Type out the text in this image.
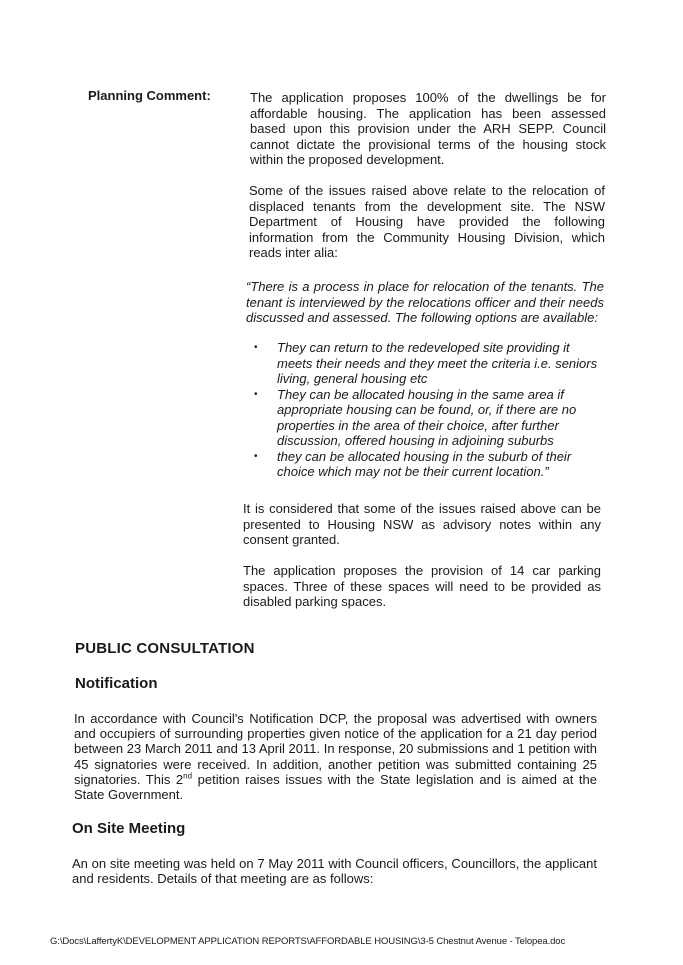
· ·
Planning Comment:	The application proposes 100% of the dwellings be for affordable housing. The application has been assessed based upon this provision under the ARH SEPP. Council cannot dictate the provisional terms of the housing stock within the proposed development.
Some of the issues raised above relate to the relocation of displaced tenants from the development site. The NSW Department of Housing have provided the following information from the Community Housing Division, which reads inter alia:
“There is a process in place for relocation of the tenants. The tenant is interviewed by the relocations officer and their needs discussed and assessed. The following options are available:
• They can return to the redeveloped site providing it meets their needs and they meet the criteria i.e. seniors living, general housing etc
• They can be allocated housing in the same area if appropriate housing can be found, or, if there are no properties in the area of their choice, after further discussion, offered housing in adjoining suburbs
• they can be allocated housing in the suburb of their choice which may not be their current location.”
It is considered that some of the issues raised above can be presented to Housing NSW as advisory notes within any consent granted.
The application proposes the provision of 14 car parking spaces. Three of these spaces will need to be provided as disabled parking spaces.
PUBLIC CONSULTATION
Notification
In accordance with Council's Notification DCP, the proposal was advertised with owners and occupiers of surrounding properties given notice of the application for a 21 day period between 23 March 2011 and 13 April 2011. In response, 20 submissions and 1 petition with 45 signatories were received. In addition, another petition was submitted containing 25 signatories. This 2nd petition raises issues with the State legislation and is aimed at the State Government.
On Site Meeting
An on site meeting was held on 7 May 2011 with Council officers, Councillors, the applicant and residents. Details of that meeting are as follows:
G:\Docs\LaffertyK\DEVELOPMENT APPLICATION REPORTS\AFFORDABLE HOUSING\3-5 Chestnut Avenue - Telopea.doc
